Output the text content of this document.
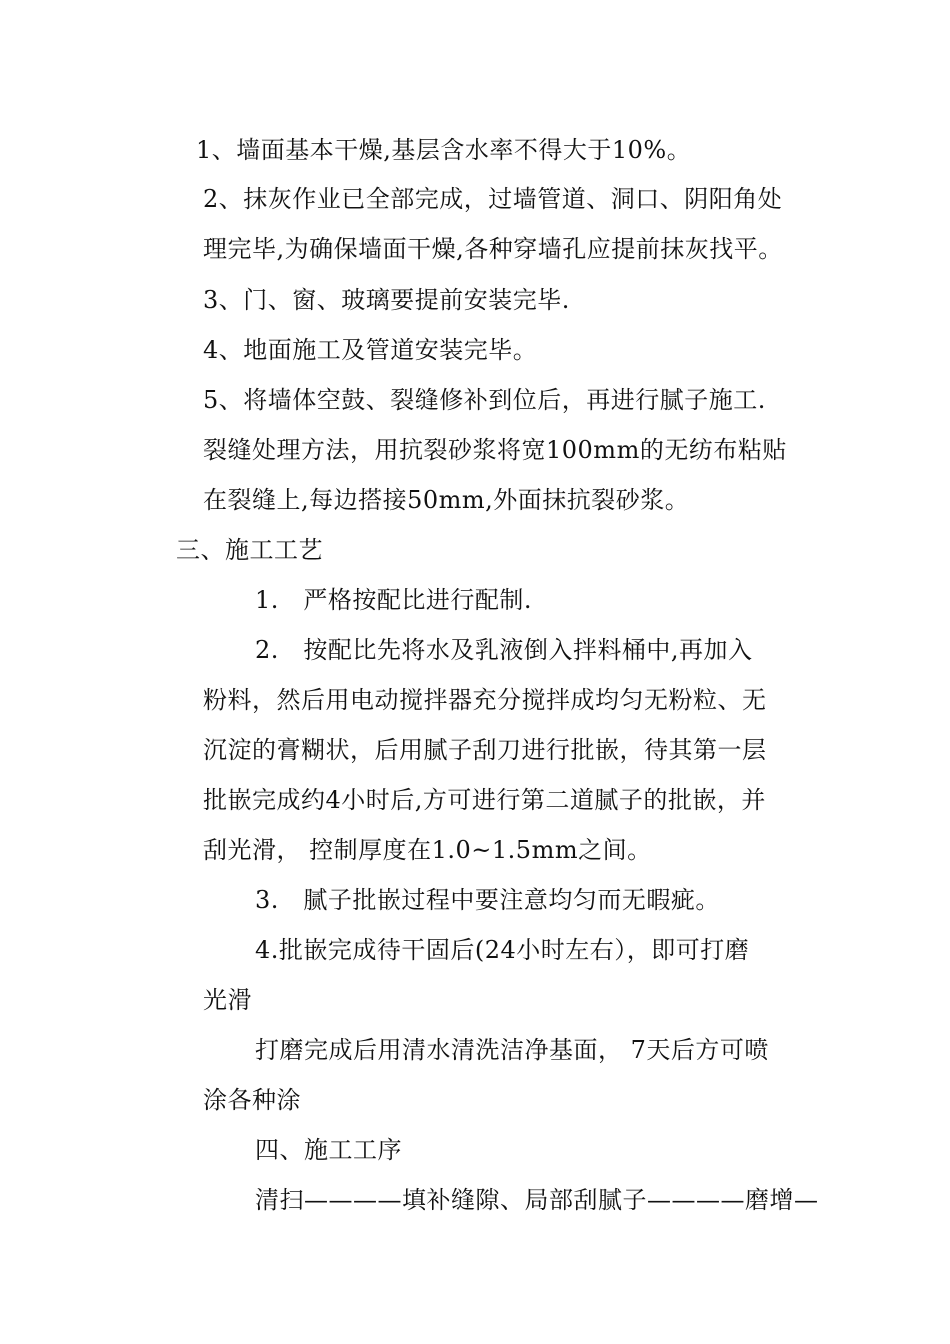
1、墙面基本干燥,基层含水率不得大于10%。
2、抹灰作业已全部完成，过墙管道、洞口、阴阳角处
理完毕,为确保墙面干燥,各种穿墙孔应提前抹灰找平。
3、门、窗、玻璃要提前安装完毕.
4、地面施工及管道安装完毕。
5、将墙体空鼓、裂缝修补到位后，再进行腻子施工.
裂缝处理方法，用抗裂砂浆将宽100mm的无纺布粘贴
在裂缝上,每边搭接50mm,外面抹抗裂砂浆。
三、施工工艺
1.　严格按配比进行配制.
2.　按配比先将水及乳液倒入拌料桶中,再加入
粉料，然后用电动搅拌器充分搅拌成均匀无粉粒、无
沉淀的膏糊状，后用腻子刮刀进行批嵌，待其第一层
批嵌完成约4小时后,方可进行第二道腻子的批嵌，并
刮光滑， 控制厚度在1.0~1.5mm之间。
3.　腻子批嵌过程中要注意均匀而无暇疵。
4.批嵌完成待干固后(24小时左右），即可打磨
光滑
打磨完成后用清水清洗洁净基面， 7天后方可喷
涂各种涂
四、施工工序
清扫————填补缝隙、局部刮腻子————磨增—
